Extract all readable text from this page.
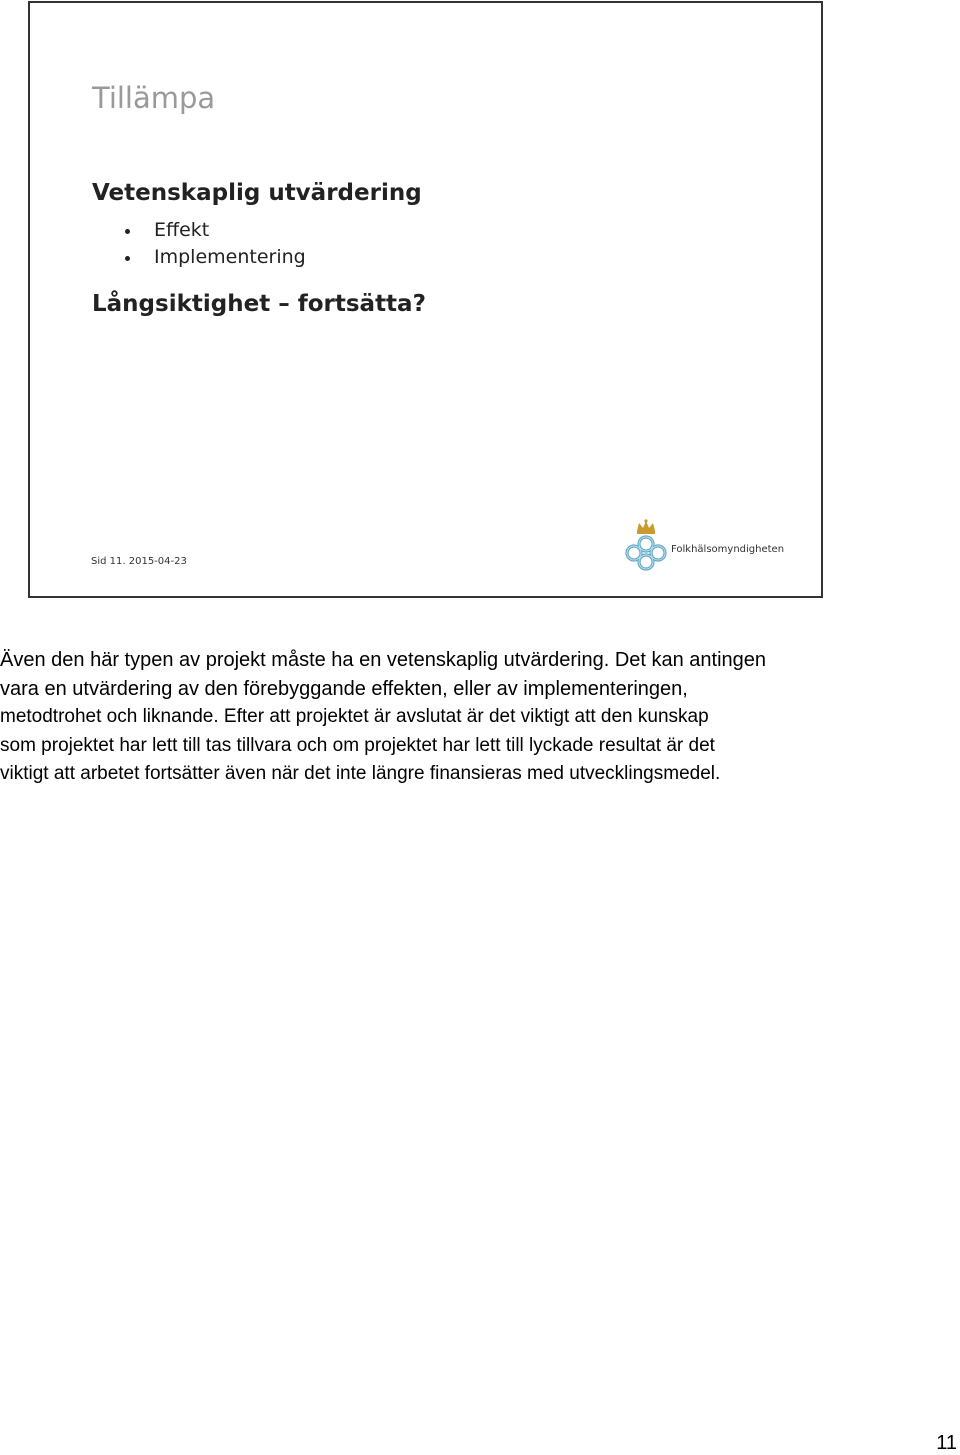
Tillämpa
Vetenskaplig utvärdering
Effekt
Implementering
Långsiktighet – fortsätta?
Sid 11. 2015-04-23
Folkhälsomyndigheten
Även den här typen av projekt måste ha en vetenskaplig utvärdering. Det kan antingen
vara en utvärdering av den förebyggande effekten, eller av implementeringen,
metodtrohet och liknande. Efter att projektet är avslutat är det viktigt att den kunskap
som projektet har lett till tas tillvara och om projektet har lett till lyckade resultat är det
viktigt att arbetet fortsätter även när det inte längre finansieras med utvecklingsmedel.
11
